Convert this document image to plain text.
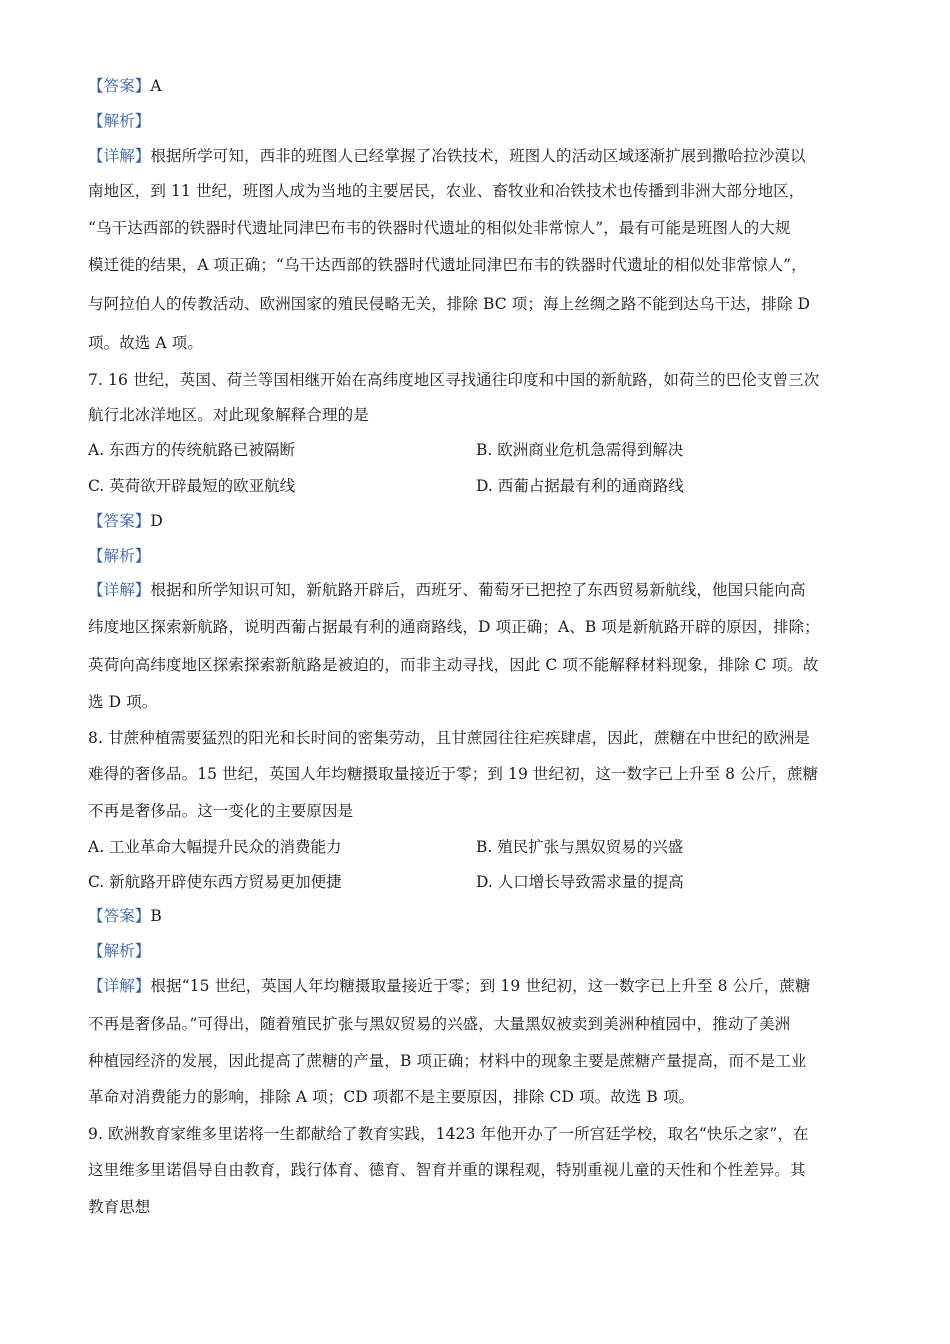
【答案】A
【解析】
【详解】根据所学可知，西非的班图人已经掌握了冶铁技术，班图人的活动区域逐渐扩展到撒哈拉沙漠以
南地区，到 11 世纪，班图人成为当地的主要居民，农业、畜牧业和冶铁技术也传播到非洲大部分地区，
“乌干达西部的铁器时代遗址同津巴布韦的铁器时代遗址的相似处非常惊人”，最有可能是班图人的大规
模迁徙的结果，A 项正确；“乌干达西部的铁器时代遗址同津巴布韦的铁器时代遗址的相似处非常惊人”，
与阿拉伯人的传教活动、欧洲国家的殖民侵略无关，排除 BC 项；海上丝绸之路不能到达乌干达，排除 D
项。故选 A 项。
7. 16 世纪，英国、荷兰等国相继开始在高纬度地区寻找通往印度和中国的新航路，如荷兰的巴伦支曾三次
航行北冰洋地区。对此现象解释合理的是
A. 东西方的传统航路已被隔断	B. 欧洲商业危机急需得到解决
C. 英荷欲开辟最短的欧亚航线	D. 西葡占据最有利的通商路线
【答案】D
【解析】
【详解】根据和所学知识可知，新航路开辟后，西班牙、葡萄牙已把控了东西贸易新航线，他国只能向高
纬度地区探索新航路，说明西葡占据最有利的通商路线，D 项正确；A、B 项是新航路开辟的原因，排除；
英荷向高纬度地区探索探索新航路是被迫的，而非主动寻找，因此 C 项不能解释材料现象，排除 C 项。故
选 D 项。
8. 甘蔗种植需要猛烈的阳光和长时间的密集劳动，且甘蔗园往往疟疾肆虐，因此，蔗糖在中世纪的欧洲是
难得的奢侈品。15 世纪，英国人年均糖摄取量接近于零；到 19 世纪初，这一数字已上升至 8 公斤，蔗糖
不再是奢侈品。这一变化的主要原因是
A. 工业革命大幅提升民众的消费能力	B. 殖民扩张与黑奴贸易的兴盛
C. 新航路开辟使东西方贸易更加便捷	D. 人口增长导致需求量的提高
【答案】B
【解析】
【详解】根据“15 世纪，英国人年均糖摄取量接近于零；到 19 世纪初，这一数字已上升至 8 公斤，蔗糖
不再是奢侈品。”可得出，随着殖民扩张与黑奴贸易的兴盛，大量黑奴被卖到美洲种植园中，推动了美洲
种植园经济的发展，因此提高了蔗糖的产量，B 项正确；材料中的现象主要是蔗糖产量提高，而不是工业
革命对消费能力的影响，排除 A 项；CD 项都不是主要原因，排除 CD 项。故选 B 项。
9. 欧洲教育家维多里诺将一生都献给了教育实践，1423 年他开办了一所宫廷学校，取名“快乐之家”，在
这里维多里诺倡导自由教育，践行体育、德育、智育并重的课程观，特别重视儿童的天性和个性差异。其
教育思想
